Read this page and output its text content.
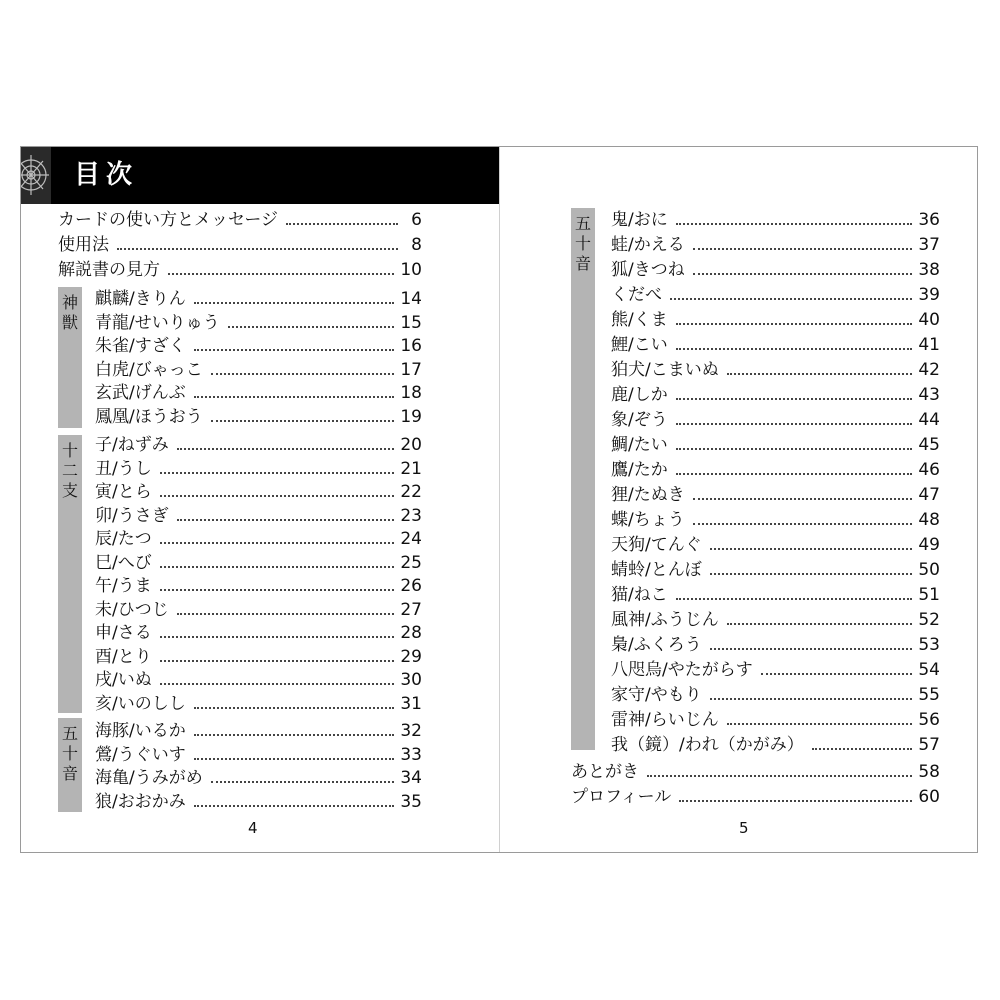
目次
カードの使い方とメッセージ	6
使用法	8
解説書の見方	10
神
獣
麒麟/きりん	14
青龍/せいりゅう	15
朱雀/すざく	16
白虎/びゃっこ	17
玄武/げんぶ	18
鳳凰/ほうおう	19
十
二
支
子/ねずみ	20
丑/うし	21
寅/とら	22
卯/うさぎ	23
辰/たつ	24
巳/へび	25
午/うま	26
未/ひつじ	27
申/さる	28
酉/とり	29
戌/いぬ	30
亥/いのしし	31
五
十
音
海豚/いるか	32
鶯/うぐいす	33
海亀/うみがめ	34
狼/おおかみ	35
4
五
十
音
鬼/おに	36
蛙/かえる	37
狐/きつね	38
くだべ	39
熊/くま	40
鯉/こい	41
狛犬/こまいぬ	42
鹿/しか	43
象/ぞう	44
鯛/たい	45
鷹/たか	46
狸/たぬき	47
蝶/ちょう	48
天狗/てんぐ	49
蜻蛉/とんぼ	50
猫/ねこ	51
風神/ふうじん	52
梟/ふくろう	53
八咫烏/やたがらす	54
家守/やもり	55
雷神/らいじん	56
我（鏡）/われ（かがみ）	57
あとがき	58
プロフィール	60
5
